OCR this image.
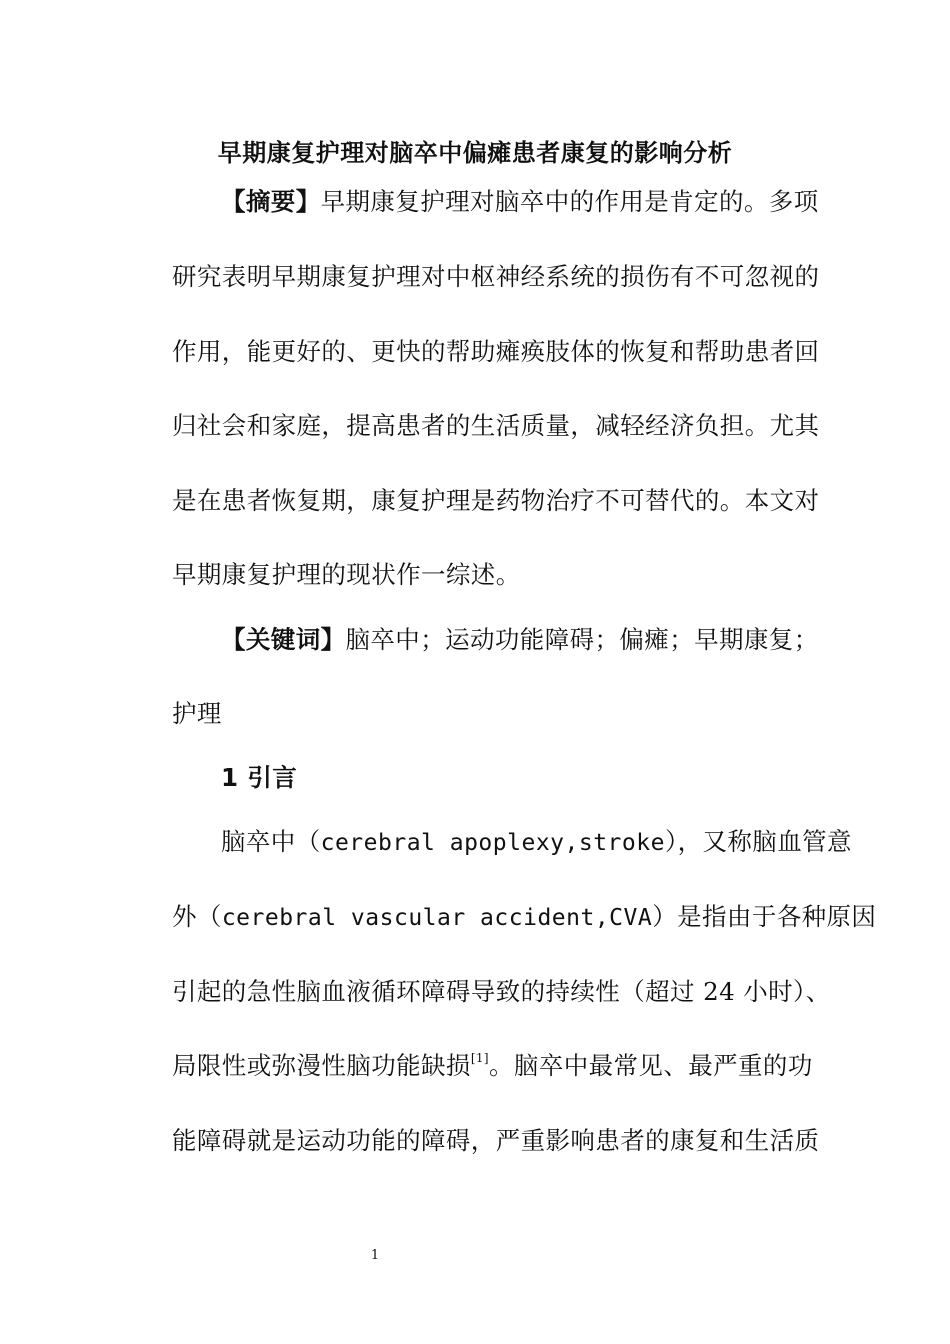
早期康复护理对脑卒中偏瘫患者康复的影响分析
【摘要】早期康复护理对脑卒中的作用是肯定的。多项
研究表明早期康复护理对中枢神经系统的损伤有不可忽视的
作用，能更好的、更快的帮助瘫痪肢体的恢复和帮助患者回
归社会和家庭，提高患者的生活质量，减轻经济负担。尤其
是在患者恢复期，康复护理是药物治疗不可替代的。本文对
早期康复护理的现状作一综述。
【关键词】脑卒中；运动功能障碍；偏瘫；早期康复；
护理
1 引言
脑卒中（cerebral apoplexy,stroke），又称脑血管意
外（cerebral vascular accident,CVA）是指由于各种原因
引起的急性脑血液循环障碍导致的持续性（超过 24 小时）、
局限性或弥漫性脑功能缺损[1]。脑卒中最常见、最严重的功
能障碍就是运动功能的障碍，严重影响患者的康复和生活质
1
